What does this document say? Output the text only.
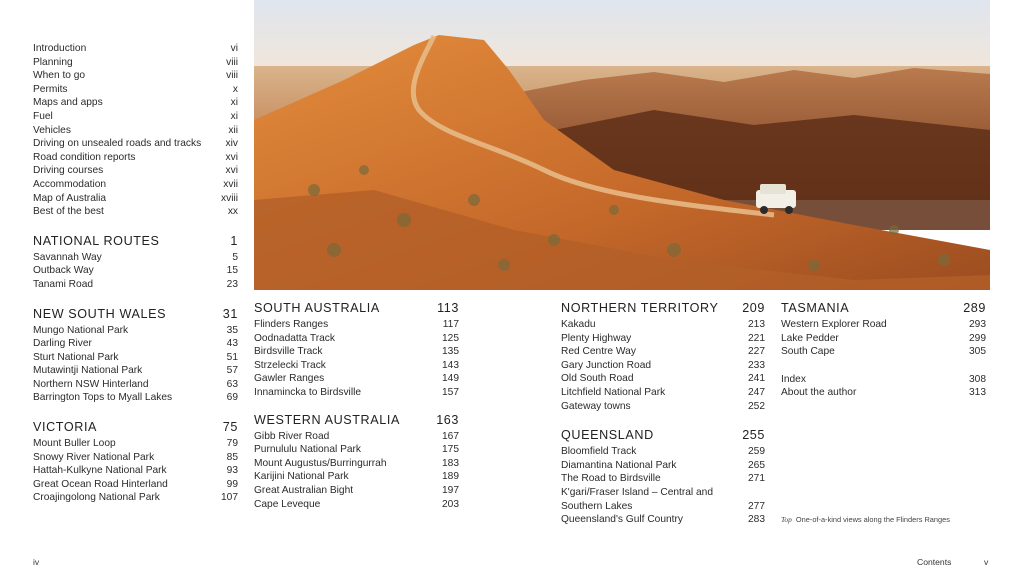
Introduction	vi
Planning	viii
When to go	viii
Permits	x
Maps and apps	xi
Fuel	xi
Vehicles	xii
Driving on unsealed roads and tracks xiv
Road condition reports	xvi
Driving courses	xvi
Accommodation	xvii
Map of Australia	xviii
Best of the best	xx
NATIONAL ROUTES	1
Savannah Way	5
Outback Way	15
Tanami Road	23
NEW SOUTH WALES	31
Mungo National Park	35
Darling River	43
Sturt National Park	51
Mutawintji National Park	57
Northern NSW Hinterland	63
Barrington Tops to Myall Lakes	69
VICTORIA	75
Mount Buller Loop	79
Snowy River National Park	85
Hattah-Kulkyne National Park	93
Great Ocean Road Hinterland	99
Croajingolong National Park	107
SOUTH AUSTRALIA	113
Flinders Ranges	117
Oodnadatta Track	125
Birdsville Track	135
Strzelecki Track	143
Gawler Ranges	149
Innamincka to Birdsville	157
WESTERN AUSTRALIA	163
Gibb River Road	167
Purnululu National Park	175
Mount Augustus/Burringurrah	183
Karijini National Park	189
Great Australian Bight	197
Cape Leveque	203
NORTHERN TERRITORY 209
Kakadu	213
Plenty Highway	221
Red Centre Way	227
Gary Junction Road	233
Old South Road	241
Litchfield National Park	247
Gateway towns	252
QUEENSLAND	255
Bloomfield Track	259
Diamantina National Park	265
The Road to Birdsville	271
K'gari/Fraser Island – Central and Southern Lakes	277
Queensland's Gulf Country	283
TASMANIA	289
Western Explorer Road	293
Lake Pedder	299
South Cape	305
Index	308
About the author	313
Top One-of-a-kind views along the Flinders Ranges
iv	Contents	v
